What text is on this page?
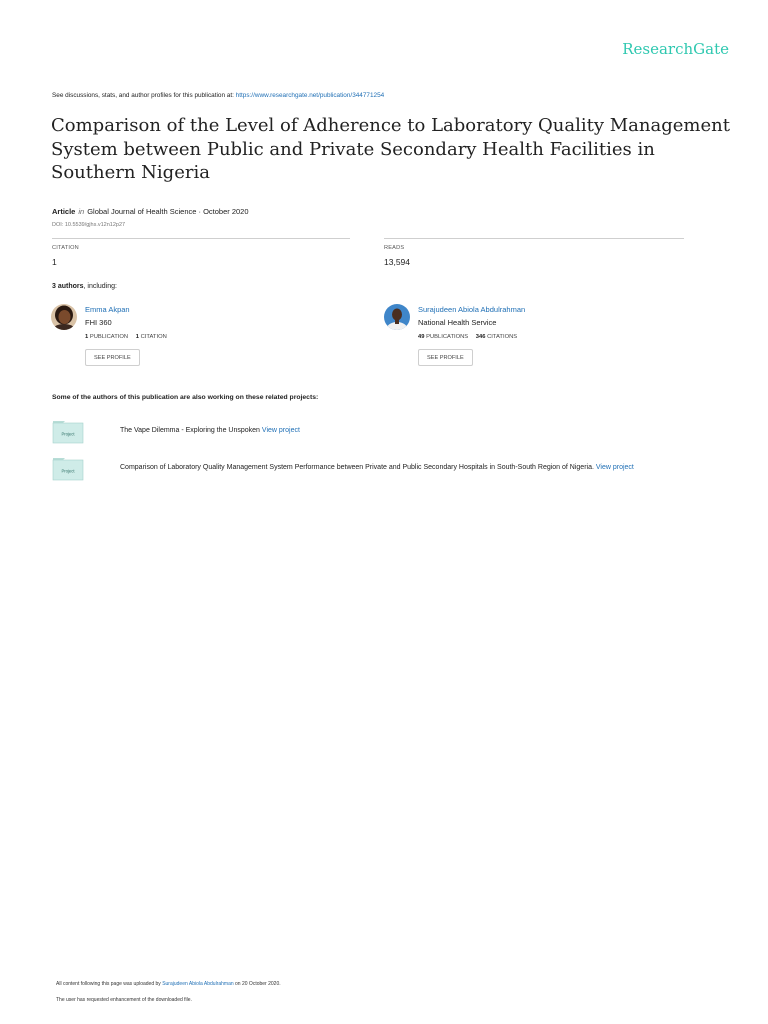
ResearchGate
See discussions, stats, and author profiles for this publication at: https://www.researchgate.net/publication/344771254
Comparison of the Level of Adherence to Laboratory Quality Management System between Public and Private Secondary Health Facilities in Southern Nigeria
Article in Global Journal of Health Science · October 2020
DOI: 10.5539/gjhs.v12n12p27
CITATION
1
READS
13,594
3 authors, including:
Emma Akpan
FHI 360
1 PUBLICATION 1 CITATION
SEE PROFILE
Surajudeen Abiola Abdulrahman
National Health Service
49 PUBLICATIONS 346 CITATIONS
SEE PROFILE
Some of the authors of this publication are also working on these related projects:
Project	The Vape Dilemma - Exploring the Unspoken View project
Project	Comparison of Laboratory Quality Management System Performance between Private and Public Secondary Hospitals in South-South Region of Nigeria. View project
All content following this page was uploaded by Surajudeen Abiola Abdulrahman on 20 October 2020.
The user has requested enhancement of the downloaded file.
